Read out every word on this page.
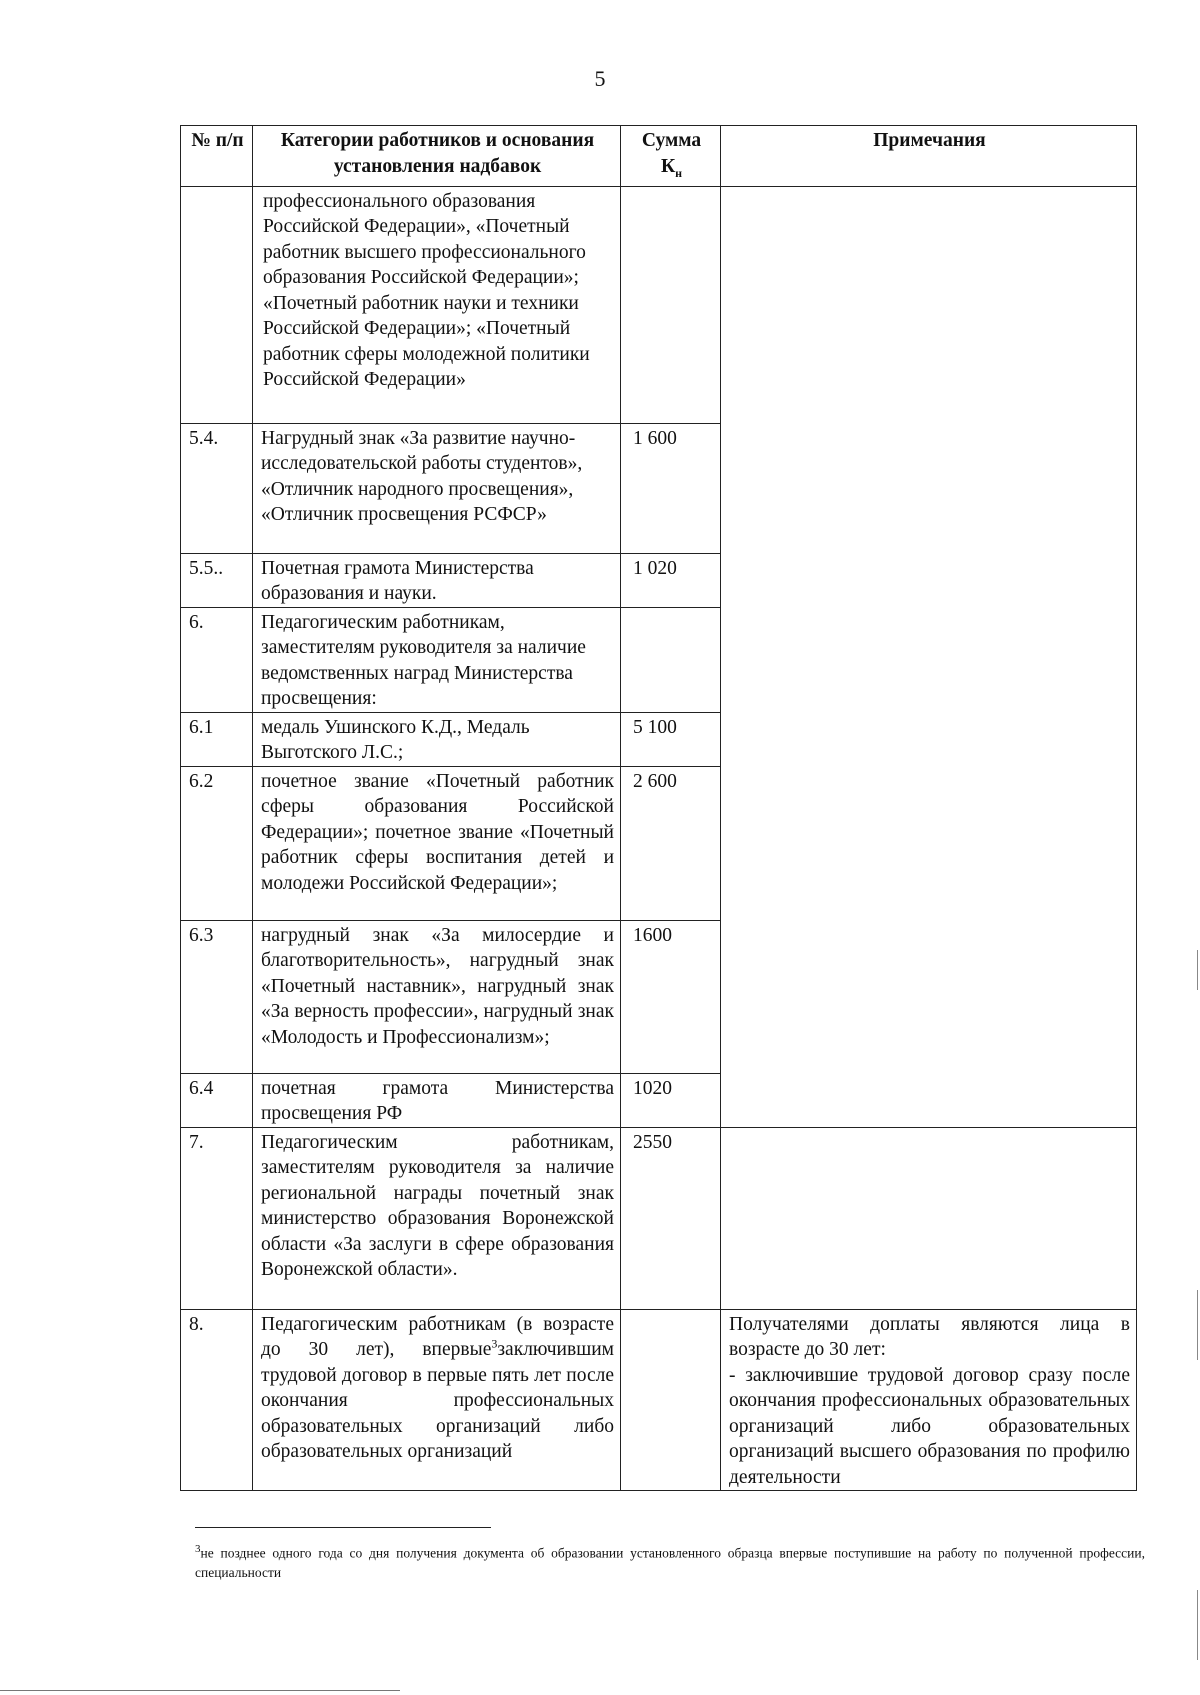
5
№ п/п	Категории работников и основания установления надбавок	Сумма $К_н$	Примечания
	профессионального образования Российской Федерации», «Почетный работник высшего профессионального образования Российской Федерации»; «Почетный работник науки и техники Российской Федерации»; «Почетный работник сферы молодежной политики Российской Федерации»		
5.4.	Нагрудный знак «За развитие научно-исследовательской работы студентов», «Отличник народного просвещения», «Отличник просвещения РСФСР»	1 600	
5.5..	Почетная грамота Министерства образования и науки.	1 020	
6.	Педагогическим работникам, заместителям руководителя за наличие ведомственных наград Министерства просвещения:		
6.1	медаль Ушинского К.Д., Медаль Выготского Л.С.;	5 100	
6.2	почетное звание «Почетный работник сферы образования Российской Федерации»; почетное звание «Почетный работник сферы воспитания детей и молодежи Российской Федерации»;	2 600	
6.3	нагрудный знак «За милосердие и благотворительность», нагрудный знак «Почетный наставник», нагрудный знак «За верность профессии», нагрудный знак «Молодость и Профессионализм»;	1600	
6.4	почетная грамота Министерства просвещения РФ	1020	
7.	Педагогическим работникам, заместителям руководителя за наличие региональной награды почетный знак министерство образования Воронежской области «За заслуги в сфере образования Воронежской области».	2550	
8.	Педагогическим работникам (в возрасте до 30 лет), впервые$^3$заключившим трудовой договор в первые пять лет после окончания профессиональных образовательных организаций либо образовательных организаций		Получателями доплаты являются лица в возрасте до 30 лет:
- заключившие трудовой договор сразу после окончания профессиональных образовательных организаций либо образовательных организаций высшего образования по профилю деятельности
$^3$не позднее одного года со дня получения документа об образовании установленного образца впервые поступившие на работу по полученной профессии, специальности
